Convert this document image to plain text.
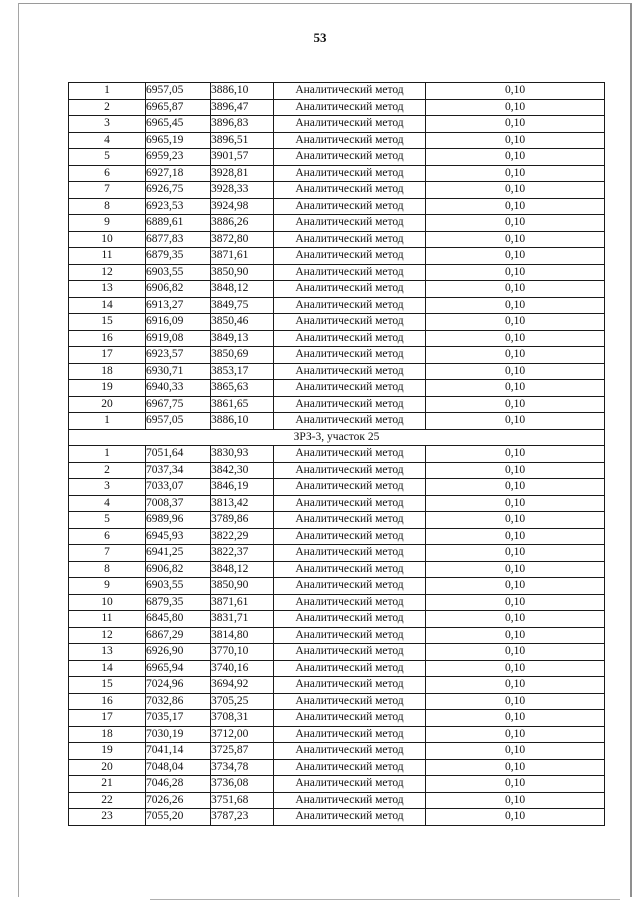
53
1	6957,05	3886,10	Аналитический метод	0,10
2	6965,87	3896,47	Аналитический метод	0,10
3	6965,45	3896,83	Аналитический метод	0,10
4	6965,19	3896,51	Аналитический метод	0,10
5	6959,23	3901,57	Аналитический метод	0,10
6	6927,18	3928,81	Аналитический метод	0,10
7	6926,75	3928,33	Аналитический метод	0,10
8	6923,53	3924,98	Аналитический метод	0,10
9	6889,61	3886,26	Аналитический метод	0,10
10	6877,83	3872,80	Аналитический метод	0,10
11	6879,35	3871,61	Аналитический метод	0,10
12	6903,55	3850,90	Аналитический метод	0,10
13	6906,82	3848,12	Аналитический метод	0,10
14	6913,27	3849,75	Аналитический метод	0,10
15	6916,09	3850,46	Аналитический метод	0,10
16	6919,08	3849,13	Аналитический метод	0,10
17	6923,57	3850,69	Аналитический метод	0,10
18	6930,71	3853,17	Аналитический метод	0,10
19	6940,33	3865,63	Аналитический метод	0,10
20	6967,75	3861,65	Аналитический метод	0,10
1	6957,05	3886,10	Аналитический метод	0,10
ЗРЗ-3, участок 25				
1	7051,64	3830,93	Аналитический метод	0,10
2	7037,34	3842,30	Аналитический метод	0,10
3	7033,07	3846,19	Аналитический метод	0,10
4	7008,37	3813,42	Аналитический метод	0,10
5	6989,96	3789,86	Аналитический метод	0,10
6	6945,93	3822,29	Аналитический метод	0,10
7	6941,25	3822,37	Аналитический метод	0,10
8	6906,82	3848,12	Аналитический метод	0,10
9	6903,55	3850,90	Аналитический метод	0,10
10	6879,35	3871,61	Аналитический метод	0,10
11	6845,80	3831,71	Аналитический метод	0,10
12	6867,29	3814,80	Аналитический метод	0,10
13	6926,90	3770,10	Аналитический метод	0,10
14	6965,94	3740,16	Аналитический метод	0,10
15	7024,96	3694,92	Аналитический метод	0,10
16	7032,86	3705,25	Аналитический метод	0,10
17	7035,17	3708,31	Аналитический метод	0,10
18	7030,19	3712,00	Аналитический метод	0,10
19	7041,14	3725,87	Аналитический метод	0,10
20	7048,04	3734,78	Аналитический метод	0,10
21	7046,28	3736,08	Аналитический метод	0,10
22	7026,26	3751,68	Аналитический метод	0,10
23	7055,20	3787,23	Аналитический метод	0,10
